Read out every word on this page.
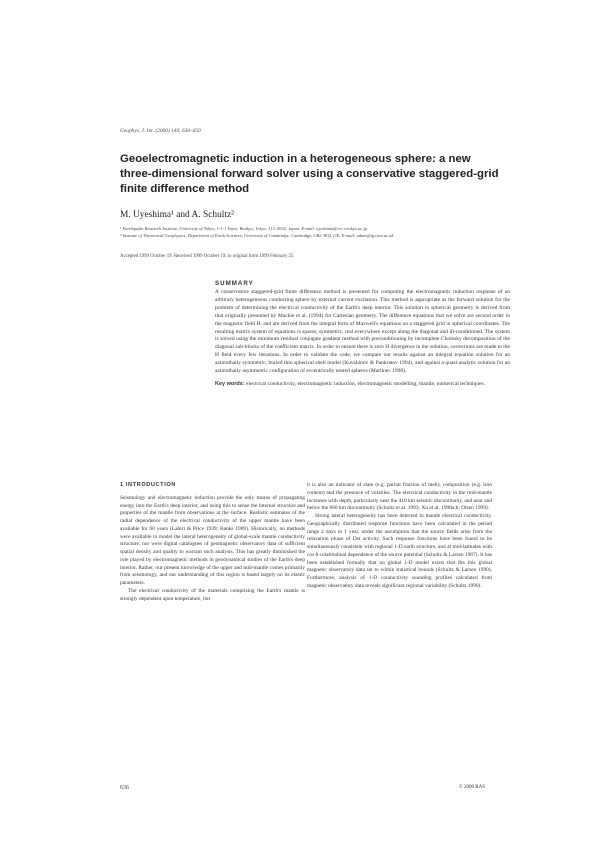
Geophys. J. Int. (2000) 140, 636–650
Geoelectromagnetic induction in a heterogeneous sphere: a new three-dimensional forward solver using a conservative staggered-grid finite difference method
M. Uyeshima¹ and A. Schultz²
¹ Earthquake Research Institute, University of Tokyo, 1-1-1 Yayoi, Bunkyo, Tokyo, 113–0032, Japan. E-mail: uyeshima@eri.u-tokyo.ac.jp
² Institute of Theoretical Geophysics, Department of Earth Sciences, University of Cambridge, Cambridge, CB2 3EQ, UK. E-mail: adam@ig.cam.ac.uk
Accepted 1999 October 19. Received 1999 October 19; in original form 1999 February 25
SUMMARY

A conservative staggered-grid finite difference method is presented for computing the electromagnetic induction response of an arbitrary heterogeneous conducting sphere by external current excitation. This method is appropriate as the forward solution for the problem of determining the electrical conductivity of the Earth's deep interior. This solution in spherical geometry is derived from that originally presented by Mackie et al. (1994) for Cartesian geometry. The difference equations that we solve are second order in the magnetic field H, and are derived from the integral form of Maxwell's equations on a staggered grid in spherical coordinates. The resulting matrix system of equations is sparse, symmetric, real everywhere except along the diagonal and ill-conditioned. The system is solved using the minimum residual conjugate gradient method with preconditioning by incomplete Cholesky decomposition of the diagonal sub-blocks of the coefficient matrix. In order to ensure there is zero H divergence in the solution, corrections are made to the H field every few iterations. In order to validate the code, we compare our results against an integral equation solution for an azimuthally symmetric, buried thin spherical shell model (Kuvshinov & Pankratov 1994), and against a quasi-analytic solution for an azimuthally asymmetric configuration of eccentrically nested spheres (Martinec 1998).

Key words: electrical conductivity, electromagnetic induction, electromagnetic modelling, mantle, numerical techniques.
1 INTRODUCTION

Seismology and electromagnetic induction provide the only means of propagating energy into the Earth's deep interior, and using this to sense the internal structure and properties of the mantle from observations at the surface. Realistic estimates of the radial dependence of the electrical conductivity of the upper mantle have been available for 60 years (Lahiri & Price 1939; Banks 1969). Historically, no methods were available to model the lateral heterogeneity of global-scale mantle conductivity structure, nor were digital catalogues of geomagnetic observatory data of sufficient spatial density and quality to warrant such analysis. This has greatly diminished the role played by electromagnetic methods in geodynamical studies of the Earth's deep interior. Rather, our present knowledge of the upper and mid-mantle comes primarily from seismology, and our understanding of this region is based largely on its elastic parameters.

The electrical conductivity of the materials comprising the Earth's mantle is strongly dependent upon temperature, but

it is also an indicator of state (e.g. partial fraction of melt), composition (e.g. iron content) and the presence of volatiles. The electrical conductivity in the mid-mantle increases with depth, particularly near the 410 km seismic discontinuity, and near and below the 660 km discontinuity (Schultz et al. 1993; Xu et al. 1998a,b; Olsen 1999).

Strong lateral heterogeneity has been detected in mantle electrical conductivity. Geographically distributed response functions have been calculated in the period range 2 days to 1 year, under the assumption that the source fields arise from the relaxation phase of Dst activity. Such response functions have been found to be simultaneously consistent with regional 1-D earth structure, and at mid-latitudes with cos θ colatitudinal dependence of the source potential (Schultz & Larsen 1987). It has been established formally that no global 1-D model exists that fits this global magnetic observatory data set to within statistical bounds (Schultz & Larsen 1990). Furthermore, analysis of 1-D conductivity sounding profiles calculated from magnetic observatory data reveals significant regional variability (Schultz 1990).

636	© 2000 RAS
